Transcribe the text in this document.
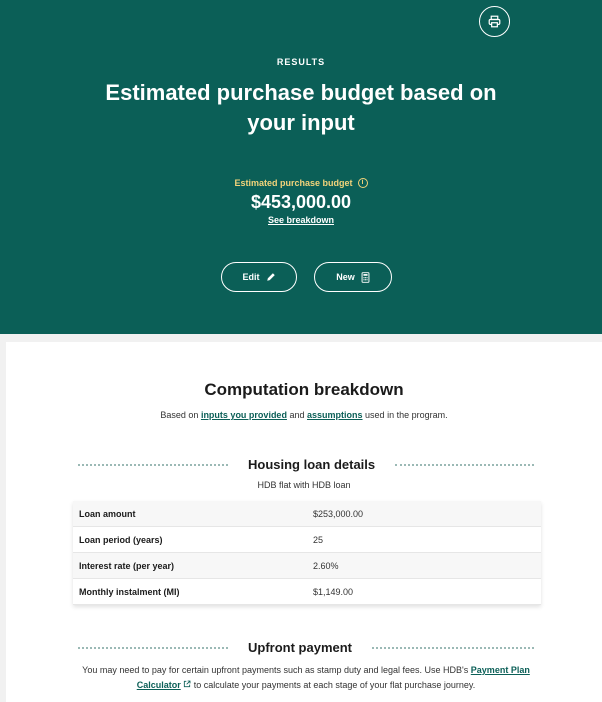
RESULTS
Estimated purchase budget based on your input
Estimated purchase budget	i
$453,000.00
See breakdown
Edit	New
Computation breakdown
Based on inputs you provided and assumptions used in the program.
Housing loan details
HDB flat with HDB loan
Loan amount	$253,000.00
Loan period (years)	25
Interest rate (per year)	2.60%
Monthly instalment (MI)	$1,149.00
Upfront payment
You may need to pay for certain upfront payments such as stamp duty and legal fees. Use HDB's Payment Plan Calculator to calculate your payments at each stage of your flat purchase journey.
